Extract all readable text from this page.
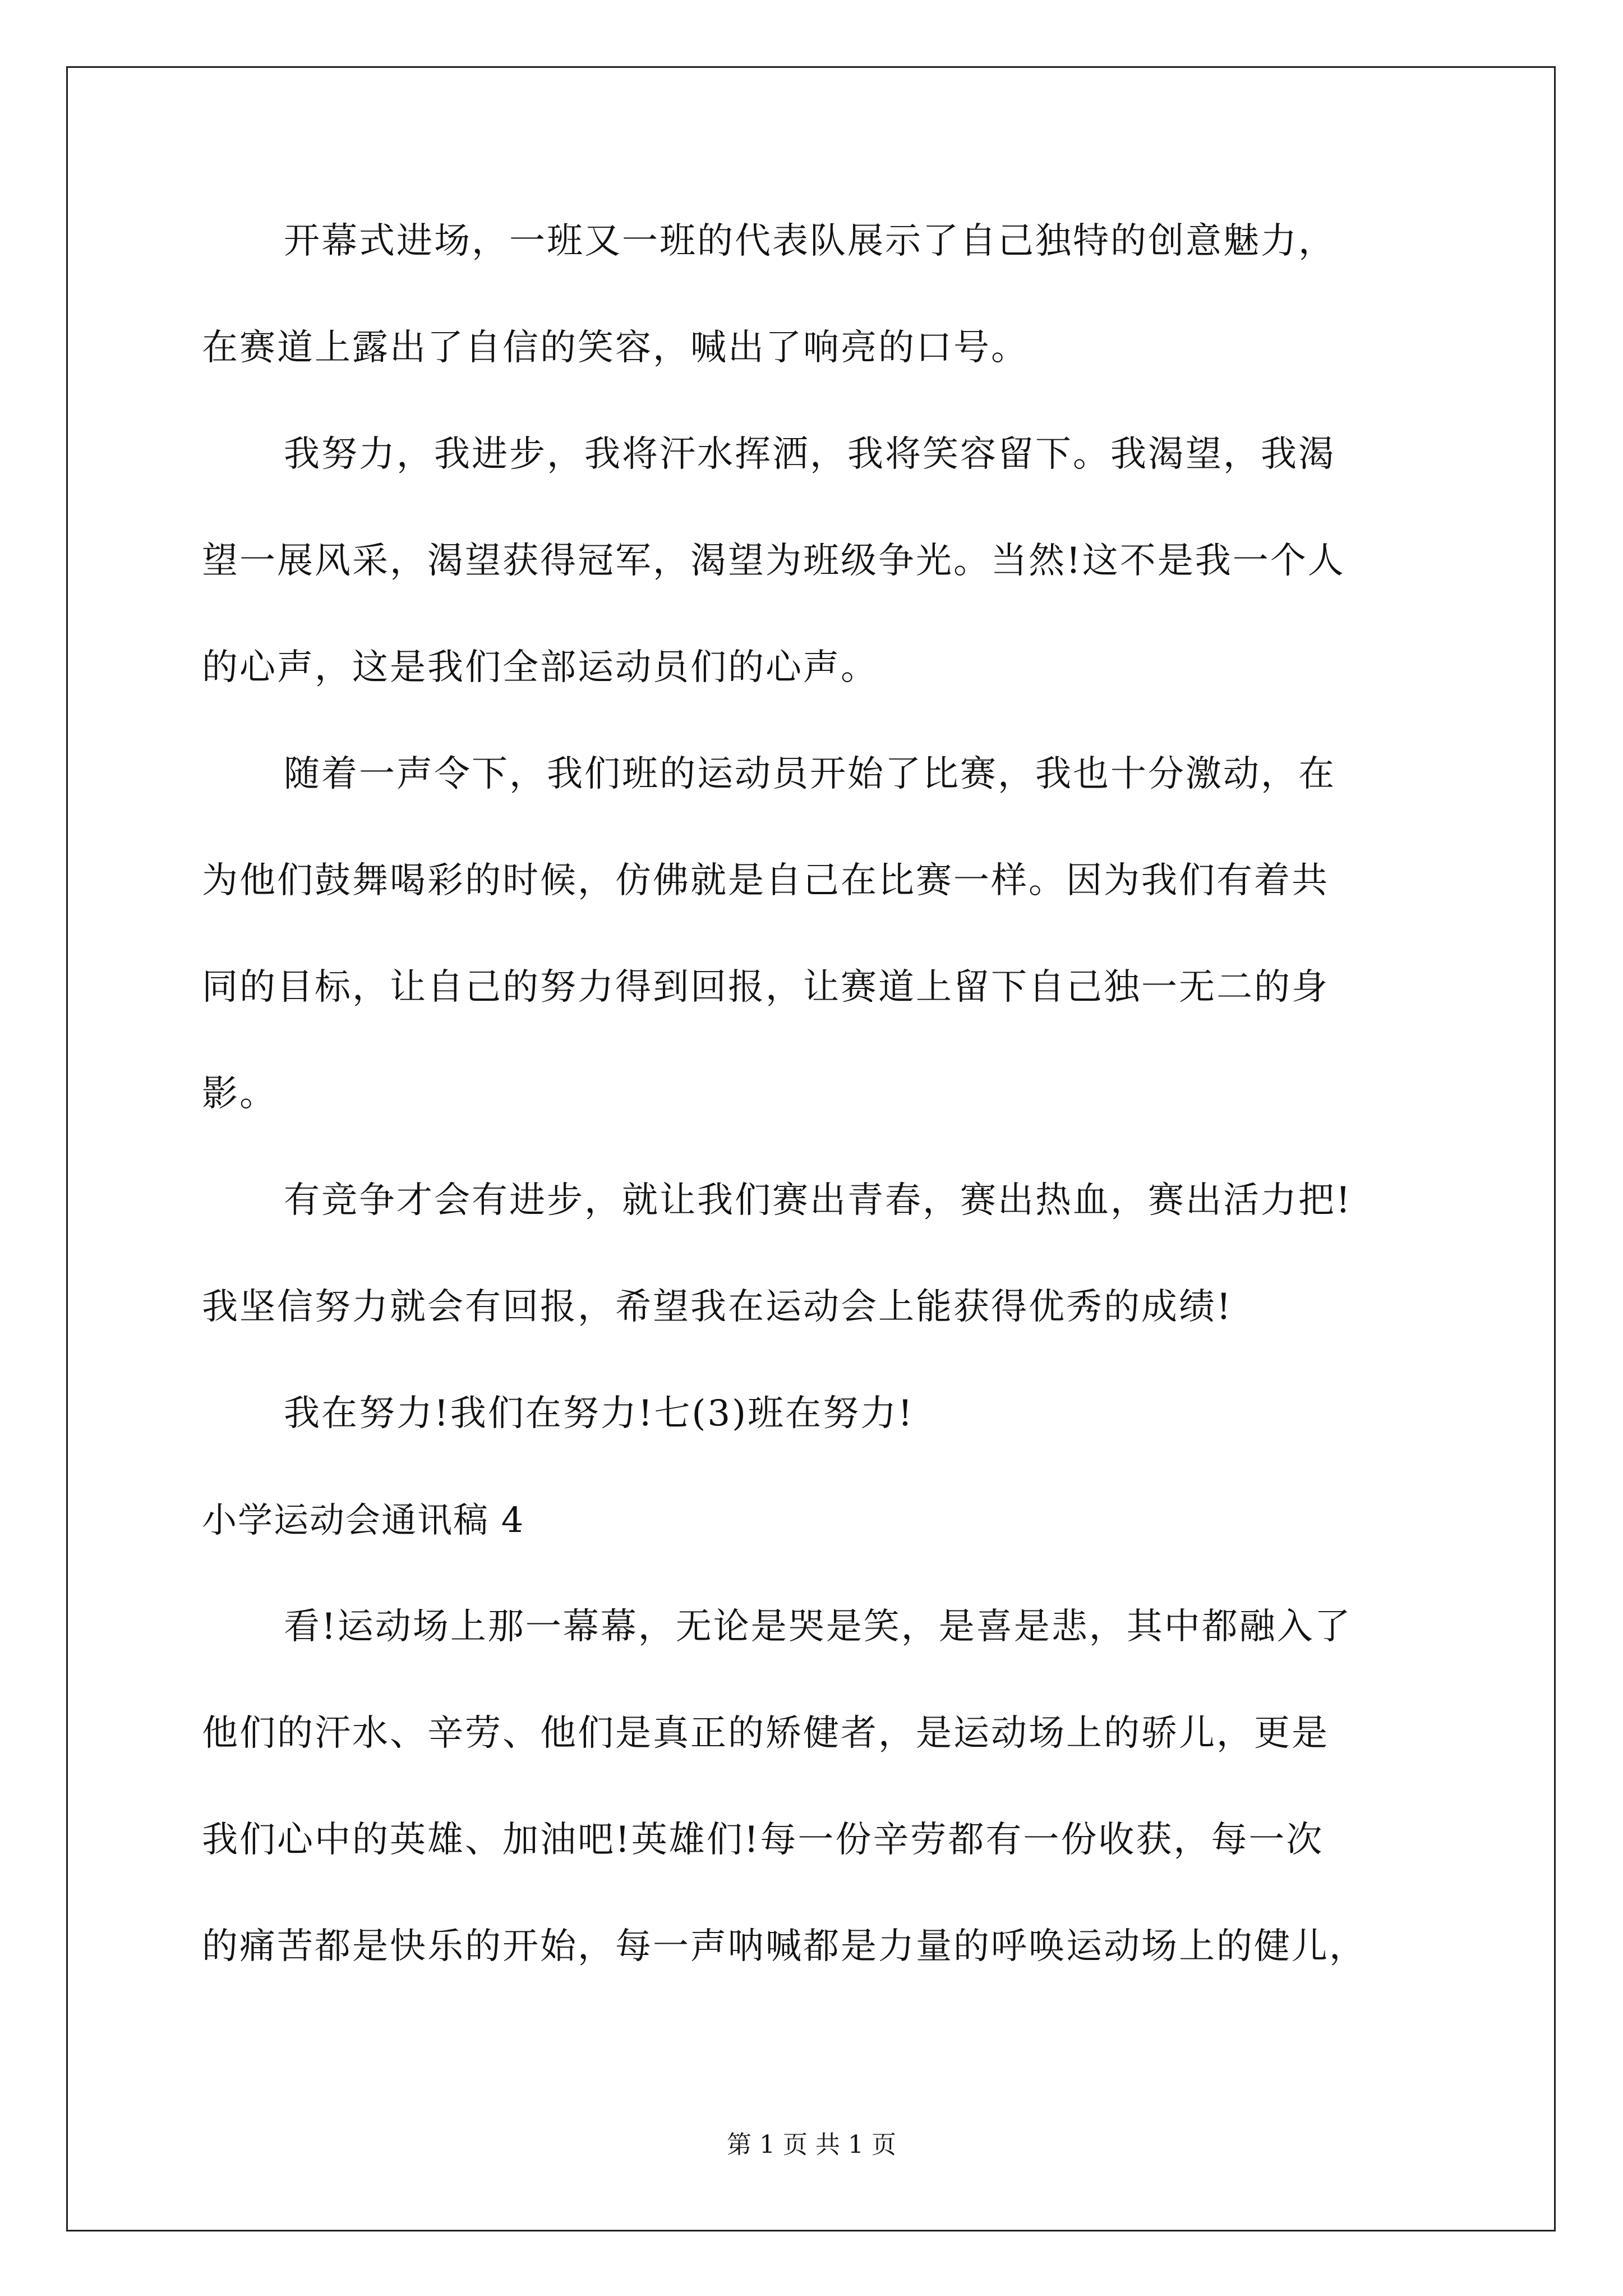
开幕式进场，一班又一班的代表队展示了自己独特的创意魅力，
在赛道上露出了自信的笑容，喊出了响亮的口号。
我努力，我进步，我将汗水挥洒，我将笑容留下。我渴望，我渴
望一展风采，渴望获得冠军，渴望为班级争光。当然!这不是我一个人
的心声，这是我们全部运动员们的心声。
随着一声令下，我们班的运动员开始了比赛，我也十分激动，在
为他们鼓舞喝彩的时候，仿佛就是自己在比赛一样。因为我们有着共
同的目标，让自己的努力得到回报，让赛道上留下自己独一无二的身
影。
有竞争才会有进步，就让我们赛出青春，赛出热血，赛出活力把!
我坚信努力就会有回报，希望我在运动会上能获得优秀的成绩!
我在努力!我们在努力!七(3)班在努力!
小学运动会通讯稿 4
看!运动场上那一幕幕，无论是哭是笑，是喜是悲，其中都融入了
他们的汗水、辛劳、他们是真正的矫健者，是运动场上的骄儿，更是
我们心中的英雄、加油吧!英雄们!每一份辛劳都有一份收获，每一次
的痛苦都是快乐的开始，每一声呐喊都是力量的呼唤运动场上的健儿，
第 1 页 共 1 页
